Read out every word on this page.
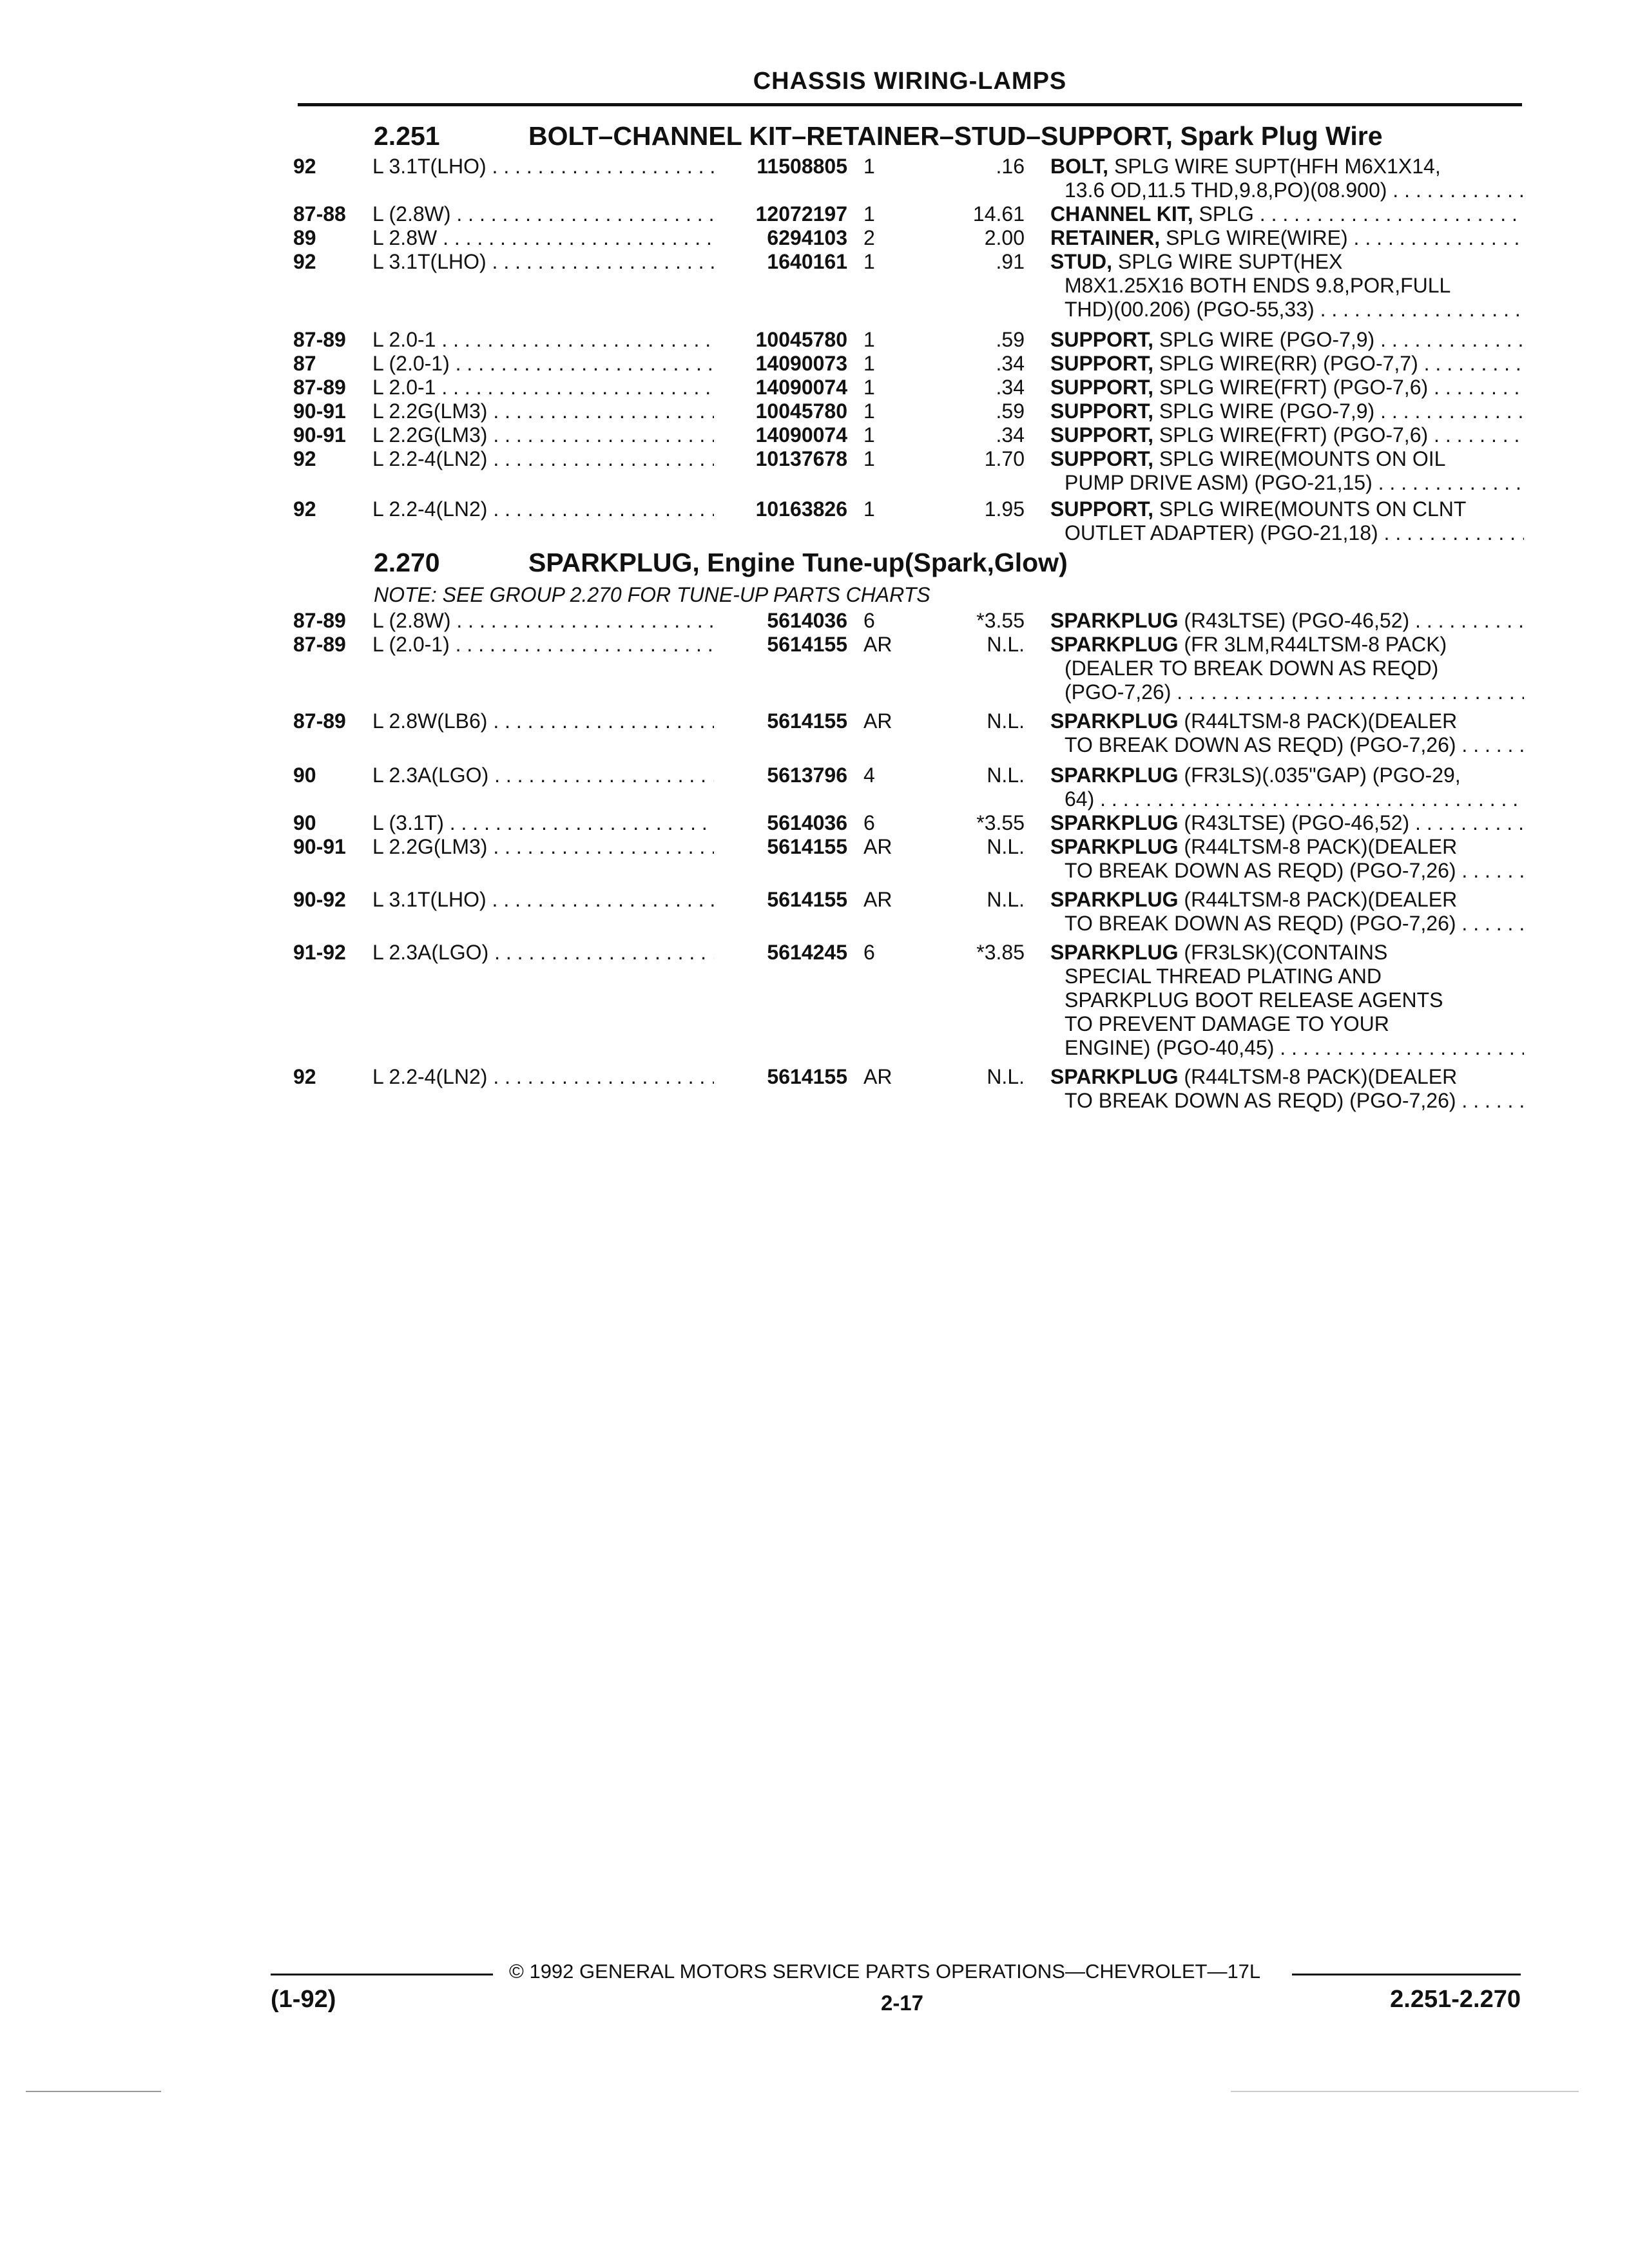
CHASSIS WIRING-LAMPS
2.251	BOLT–CHANNEL KIT–RETAINER–STUD–SUPPORT, Spark Plug Wire
92	L 3.1T(LHO) . . .	11508805 1	.16 BOLT, SPLG WIRE SUPT(HFH M6X1X14,
13.6 OD,11.5 THD,9.8,PO)(08.900) . . .
87-88 L (2.8W) . . .	12072197 1	14.61 CHANNEL KIT, SPLG . . .
89	L 2.8W . . .	6294103 2	2.00 RETAINER, SPLG WIRE(WIRE) . . .
92	L 3.1T(LHO) . . .	1640161 1	.91 STUD, SPLG WIRE SUPT(HEX
M8X1.25X16 BOTH ENDS 9.8,POR,FULL
THD)(00.206) (PGO-55,33) . . .
87-89 L 2.0-1 . . .	10045780 1	.59 SUPPORT, SPLG WIRE (PGO-7,9) . . .
87	L (2.0-1) . . .	14090073 1	.34 SUPPORT, SPLG WIRE(RR) (PGO-7,7) . . .
87-89 L 2.0-1 . . .	14090074 1	.34 SUPPORT, SPLG WIRE(FRT) (PGO-7,6) . . .
90-91 L 2.2G(LM3) . . .	10045780 1	.59 SUPPORT, SPLG WIRE (PGO-7,9) . . .
90-91 L 2.2G(LM3) . . .	14090074 1	.34 SUPPORT, SPLG WIRE(FRT) (PGO-7,6) . . .
92	L 2.2-4(LN2) . . .	10137678 1	1.70 SUPPORT, SPLG WIRE(MOUNTS ON OIL
PUMP DRIVE ASM) (PGO-21,15) . . .
92	L 2.2-4(LN2) . . .	10163826 1	1.95 SUPPORT, SPLG WIRE(MOUNTS ON CLNT
OUTLET ADAPTER) (PGO-21,18) . . .
2.270	SPARKPLUG, Engine Tune-up(Spark,Glow)
NOTE: SEE GROUP 2.270 FOR TUNE-UP PARTS CHARTS
87-89 L (2.8W) . . .	5614036 6	*3.55 SPARKPLUG (R43LTSE) (PGO-46,52) . . .
87-89 L (2.0-1) . . .	5614155 AR	N.L. SPARKPLUG (FR 3LM,R44LTSM-8 PACK)
(DEALER TO BREAK DOWN AS REQD)
(PGO-7,26) . . .
87-89 L 2.8W(LB6) . . .	5614155 AR	N.L. SPARKPLUG (R44LTSM-8 PACK)(DEALER
TO BREAK DOWN AS REQD) (PGO-7,26) . . .
90	L 2.3A(LGO) . . .	5613796 4	N.L. SPARKPLUG (FR3LS)(.035"GAP) (PGO-29,
64) . . .
90	L (3.1T) . . .	5614036 6	*3.55 SPARKPLUG (R43LTSE) (PGO-46,52) . . .
90-91 L 2.2G(LM3) . . .	5614155 AR	N.L. SPARKPLUG (R44LTSM-8 PACK)(DEALER
TO BREAK DOWN AS REQD) (PGO-7,26) . . .
90-92 L 3.1T(LHO) . . .	5614155 AR	N.L. SPARKPLUG (R44LTSM-8 PACK)(DEALER
TO BREAK DOWN AS REQD) (PGO-7,26) . . .
91-92 L 2.3A(LGO) . . .	5614245 6	*3.85 SPARKPLUG (FR3LSK)(CONTAINS
SPECIAL THREAD PLATING AND
SPARKPLUG BOOT RELEASE AGENTS
TO PREVENT DAMAGE TO YOUR
ENGINE) (PGO-40,45) . . .
92	L 2.2-4(LN2) . . .	5614155 AR	N.L. SPARKPLUG (R44LTSM-8 PACK)(DEALER
TO BREAK DOWN AS REQD) (PGO-7,26) . . .
© 1992 GENERAL MOTORS SERVICE PARTS OPERATIONS—CHEVROLET—17L
(1-92)	2-17	2.251-2.270
